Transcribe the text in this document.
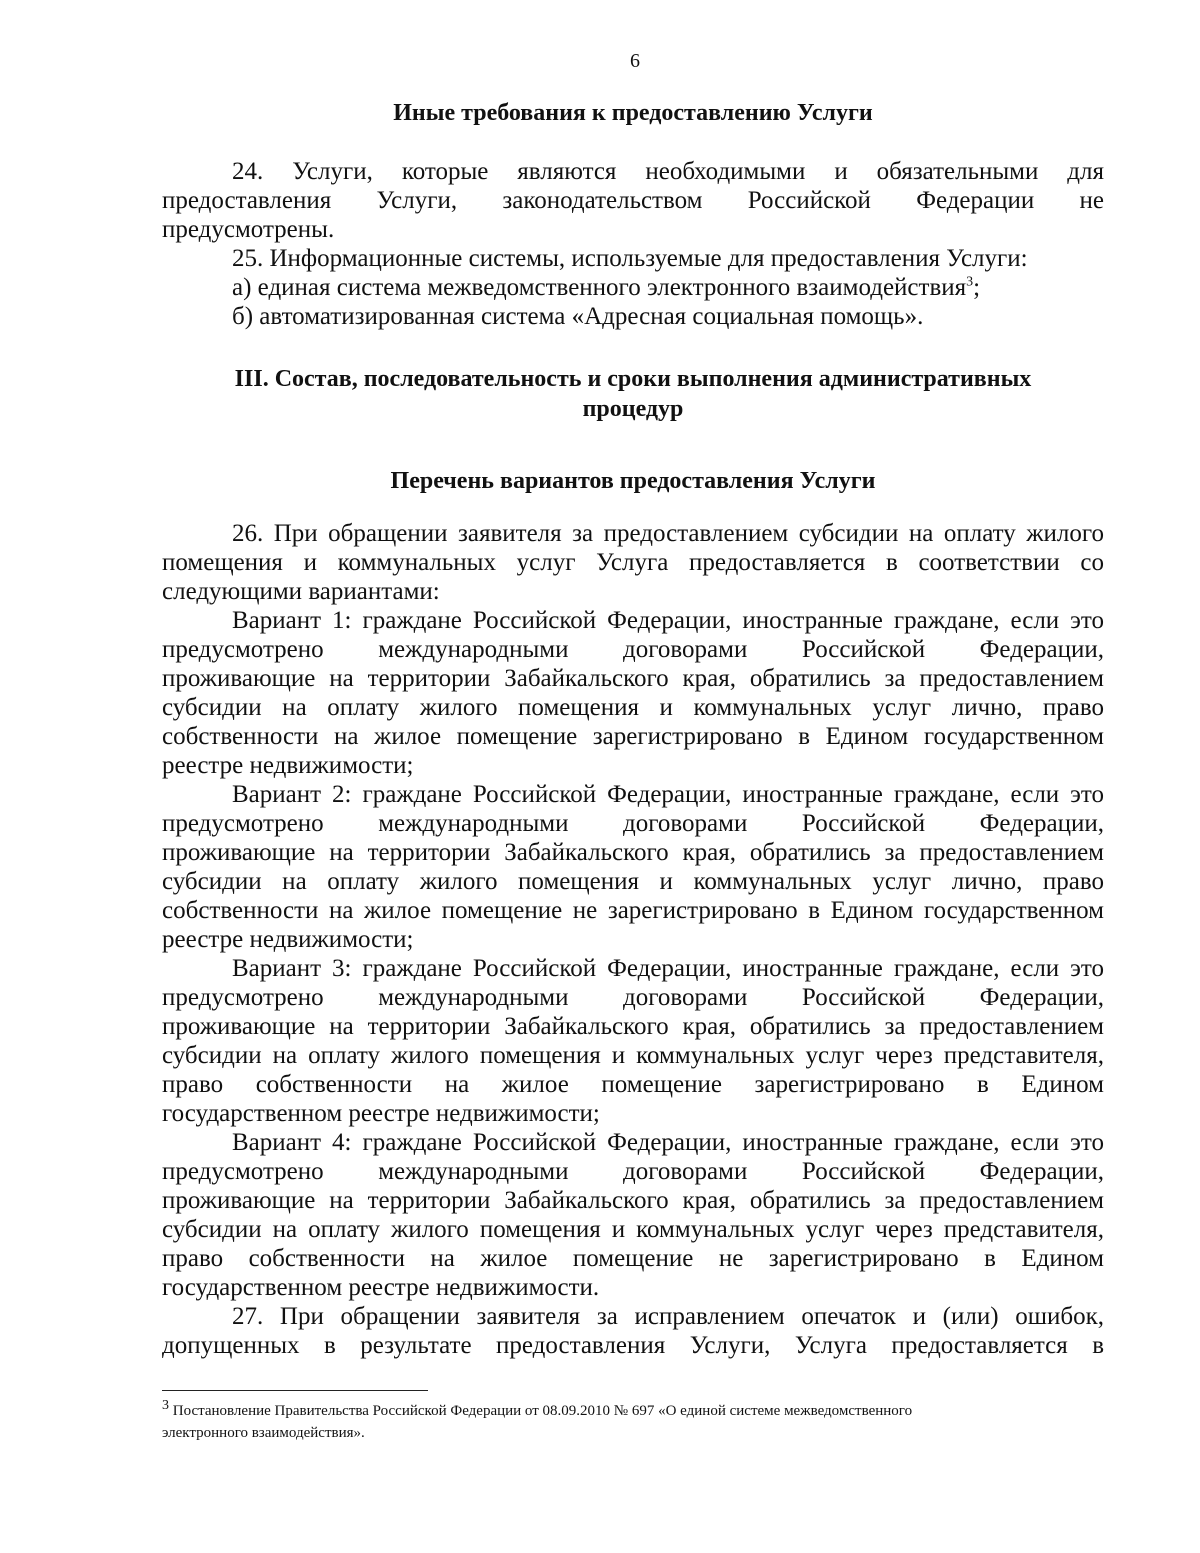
6
Иные требования к предоставлению Услуги
24. Услуги, которые являются необходимыми и обязательными для
предоставления Услуги, законодательством Российской Федерации не
предусмотрены.
25. Информационные системы, используемые для предоставления Услуги:
а) единая система межведомственного электронного взаимодействия$^3$;
б) автоматизированная система «Адресная социальная помощь».
III. Состав, последовательность и сроки выполнения административных
процедур
Перечень вариантов предоставления Услуги
26. При обращении заявителя за предоставлением субсидии на оплату жилого
помещения и коммунальных услуг Услуга предоставляется в соответствии со
следующими вариантами:
Вариант 1: граждане Российской Федерации, иностранные граждане, если это
предусмотрено международными договорами Российской Федерации,
проживающие на территории Забайкальского края, обратились за предоставлением
субсидии на оплату жилого помещения и коммунальных услуг лично, право
собственности на жилое помещение зарегистрировано в Едином государственном
реестре недвижимости;
Вариант 2: граждане Российской Федерации, иностранные граждане, если это
предусмотрено международными договорами Российской Федерации,
проживающие на территории Забайкальского края, обратились за предоставлением
субсидии на оплату жилого помещения и коммунальных услуг лично, право
собственности на жилое помещение не зарегистрировано в Едином государственном
реестре недвижимости;
Вариант 3: граждане Российской Федерации, иностранные граждане, если это
предусмотрено международными договорами Российской Федерации,
проживающие на территории Забайкальского края, обратились за предоставлением
субсидии на оплату жилого помещения и коммунальных услуг через представителя,
право собственности на жилое помещение зарегистрировано в Едином
государственном реестре недвижимости;
Вариант 4: граждане Российской Федерации, иностранные граждане, если это
предусмотрено международными договорами Российской Федерации,
проживающие на территории Забайкальского края, обратились за предоставлением
субсидии на оплату жилого помещения и коммунальных услуг через представителя,
право собственности на жилое помещение не зарегистрировано в Едином
государственном реестре недвижимости.
27. При обращении заявителя за исправлением опечаток и (или) ошибок,
допущенных в результате предоставления Услуги, Услуга предоставляется в
$^3$ Постановление Правительства Российской Федерации от 08.09.2010 № 697 «О единой системе межведомственного
электронного взаимодействия».
